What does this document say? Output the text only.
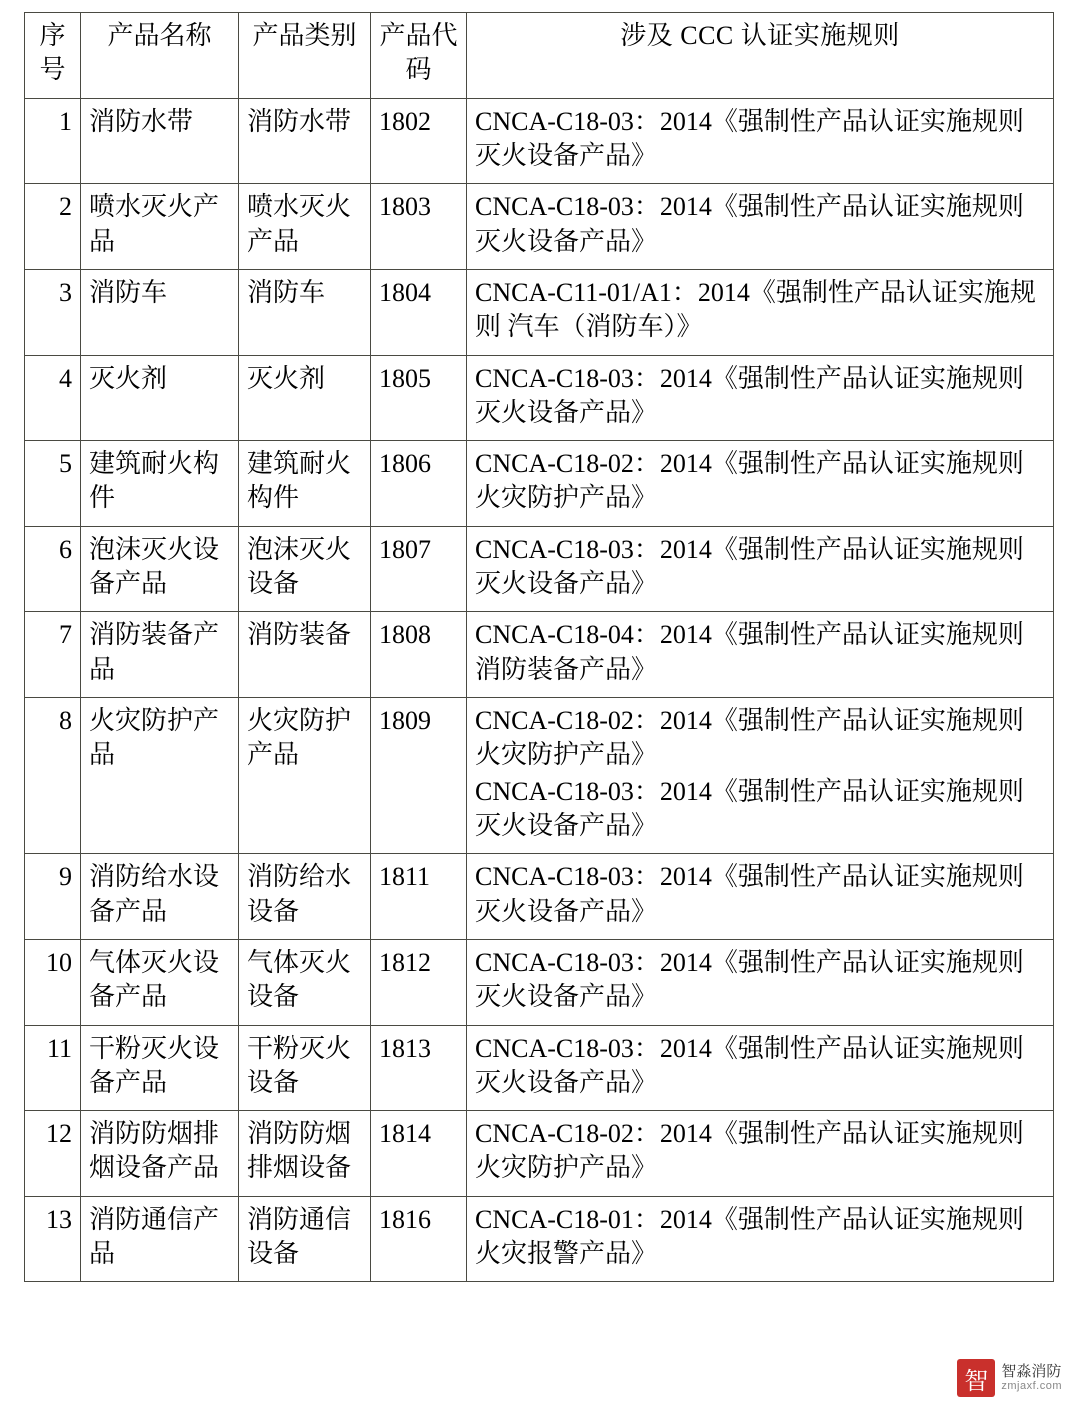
序号	产品名称	产品类别	产品代码	涉及 CCC 认证实施规则
1	消防水带	消防水带	1802	CNCA-C18-03：2014《强制性产品认证实施规则 灭火设备产品》

2	喷水灭火产品	喷水灭火产品	1803	CNCA-C18-03：2014《强制性产品认证实施规则 灭火设备产品》

3	消防车	消防车	1804	CNCA-C11-01/A1：2014《强制性产品认证实施规则 汽车（消防车）》

4	灭火剂	灭火剂	1805	CNCA-C18-03：2014《强制性产品认证实施规则 灭火设备产品》

5	建筑耐火构件	建筑耐火构件	1806	CNCA-C18-02：2014《强制性产品认证实施规则 火灾防护产品》

6	泡沫灭火设备产品	泡沫灭火设备	1807	CNCA-C18-03：2014《强制性产品认证实施规则 灭火设备产品》

7	消防装备产品	消防装备	1808	CNCA-C18-04：2014《强制性产品认证实施规则 消防装备产品》

8	火灾防护产品	火灾防护产品	1809	CNCA-C18-02：2014《强制性产品认证实施规则 火灾防护产品》
CNCA-C18-03：2014《强制性产品认证实施规则 灭火设备产品》

9	消防给水设备产品	消防给水设备	1811	CNCA-C18-03：2014《强制性产品认证实施规则 灭火设备产品》

10	气体灭火设备产品	气体灭火设备	1812	CNCA-C18-03：2014《强制性产品认证实施规则 灭火设备产品》

11	干粉灭火设备产品	干粉灭火设备	1813	CNCA-C18-03：2014《强制性产品认证实施规则 灭火设备产品》

12	消防防烟排烟设备产品	消防防烟排烟设备	1814	CNCA-C18-02：2014《强制性产品认证实施规则 火灾防护产品》

13	消防通信产品	消防通信设备	1816	CNCA-C18-01：2014《强制性产品认证实施规则 火灾报警产品》
智 智淼消防
zmjaxf.com
